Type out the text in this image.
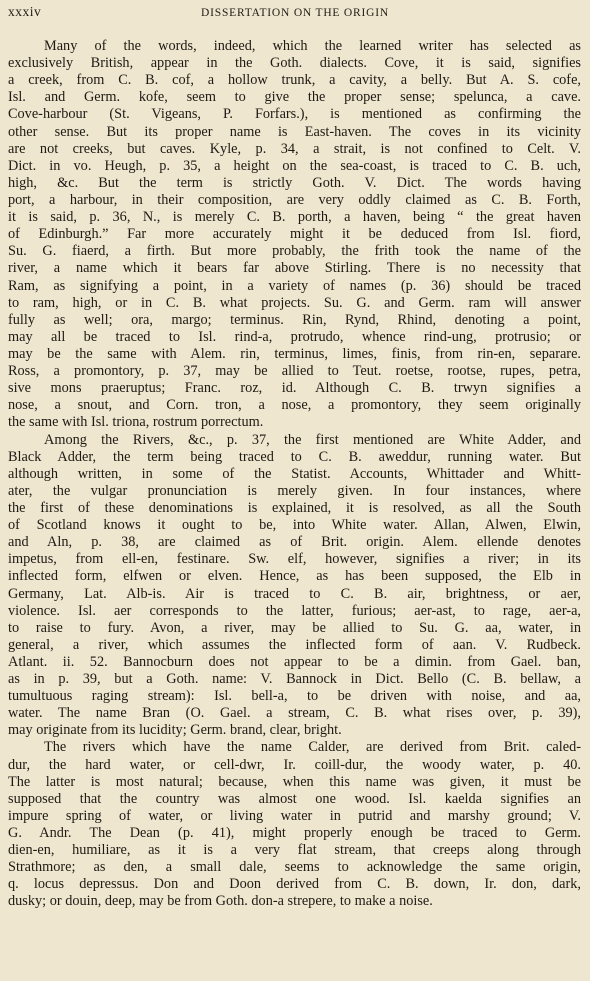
xxxiv	DISSERTATION ON THE ORIGIN
Many of the words, indeed, which the learned writer has selected as
exclusively British, appear in the Goth. dialects. Cove, it is said, signifies
a creek, from C. B. cof, a hollow trunk, a cavity, a belly. But A. S. cofe,
Isl. and Germ. kofe, seem to give the proper sense; spelunca, a cave.
Cove-harbour (St. Vigeans, P. Forfars.), is mentioned as confirming the
other sense. But its proper name is East-haven. The coves in its vicinity
are not creeks, but caves. Kyle, p. 34, a strait, is not confined to Celt. V.
Dict. in vo. Heugh, p. 35, a height on the sea-coast, is traced to C. B. uch,
high, &c. But the term is strictly Goth. V. Dict. The words having
port, a harbour, in their composition, are very oddly claimed as C. B. Forth,
it is said, p. 36, N., is merely C. B. porth, a haven, being “ the great haven
of Edinburgh.” Far more accurately might it be deduced from Isl. fiord,
Su. G. fiaerd, a firth. But more probably, the frith took the name of the
river, a name which it bears far above Stirling. There is no necessity that
Ram, as signifying a point, in a variety of names (p. 36) should be traced
to ram, high, or in C. B. what projects. Su. G. and Germ. ram will answer
fully as well; ora, margo; terminus. Rin, Rynd, Rhind, denoting a point,
may all be traced to Isl. rind-a, protrudo, whence rind-ung, protrusio; or
may be the same with Alem. rin, terminus, limes, finis, from rin-en, separare.
Ross, a promontory, p. 37, may be allied to Teut. roetse, rootse, rupes, petra,
sive mons praeruptus; Franc. roz, id. Although C. B. trwyn signifies a
nose, a snout, and Corn. tron, a nose, a promontory, they seem originally
the same with Isl. triona, rostrum porrectum.
Among the Rivers, &c., p. 37, the first mentioned are White Adder, and
Black Adder, the term being traced to C. B. aweddur, running water. But
although written, in some of the Statist. Accounts, Whittader and Whitt-
ater, the vulgar pronunciation is merely given. In four instances, where
the first of these denominations is explained, it is resolved, as all the South
of Scotland knows it ought to be, into White water. Allan, Alwen, Elwin,
and Aln, p. 38, are claimed as of Brit. origin. Alem. ellende denotes
impetus, from ell-en, festinare. Sw. elf, however, signifies a river; in its
inflected form, elfwen or elven. Hence, as has been supposed, the Elb in
Germany, Lat. Alb-is. Air is traced to C. B. air, brightness, or aer,
violence. Isl. aer corresponds to the latter, furious; aer-ast, to rage, aer-a,
to raise to fury. Avon, a river, may be allied to Su. G. aa, water, in
general, a river, which assumes the inflected form of aan. V. Rudbeck.
Atlant. ii. 52. Bannocburn does not appear to be a dimin. from Gael. ban,
as in p. 39, but a Goth. name: V. Bannock in Dict. Bello (C. B. bellaw, a
tumultuous raging stream): Isl. bell-a, to be driven with noise, and aa,
water. The name Bran (O. Gael. a stream, C. B. what rises over, p. 39),
may originate from its lucidity; Germ. brand, clear, bright.
The rivers which have the name Calder, are derived from Brit. caled-
dur, the hard water, or cell-dwr, Ir. coill-dur, the woody water, p. 40.
The latter is most natural; because, when this name was given, it must be
supposed that the country was almost one wood. Isl. kaelda signifies an
impure spring of water, or living water in putrid and marshy ground; V.
G. Andr. The Dean (p. 41), might properly enough be traced to Germ.
dien-en, humiliare, as it is a very flat stream, that creeps along through
Strathmore; as den, a small dale, seems to acknowledge the same origin,
q. locus depressus. Don and Doon derived from C. B. down, Ir. don, dark,
dusky; or douin, deep, may be from Goth. don-a strepere, to make a noise.
